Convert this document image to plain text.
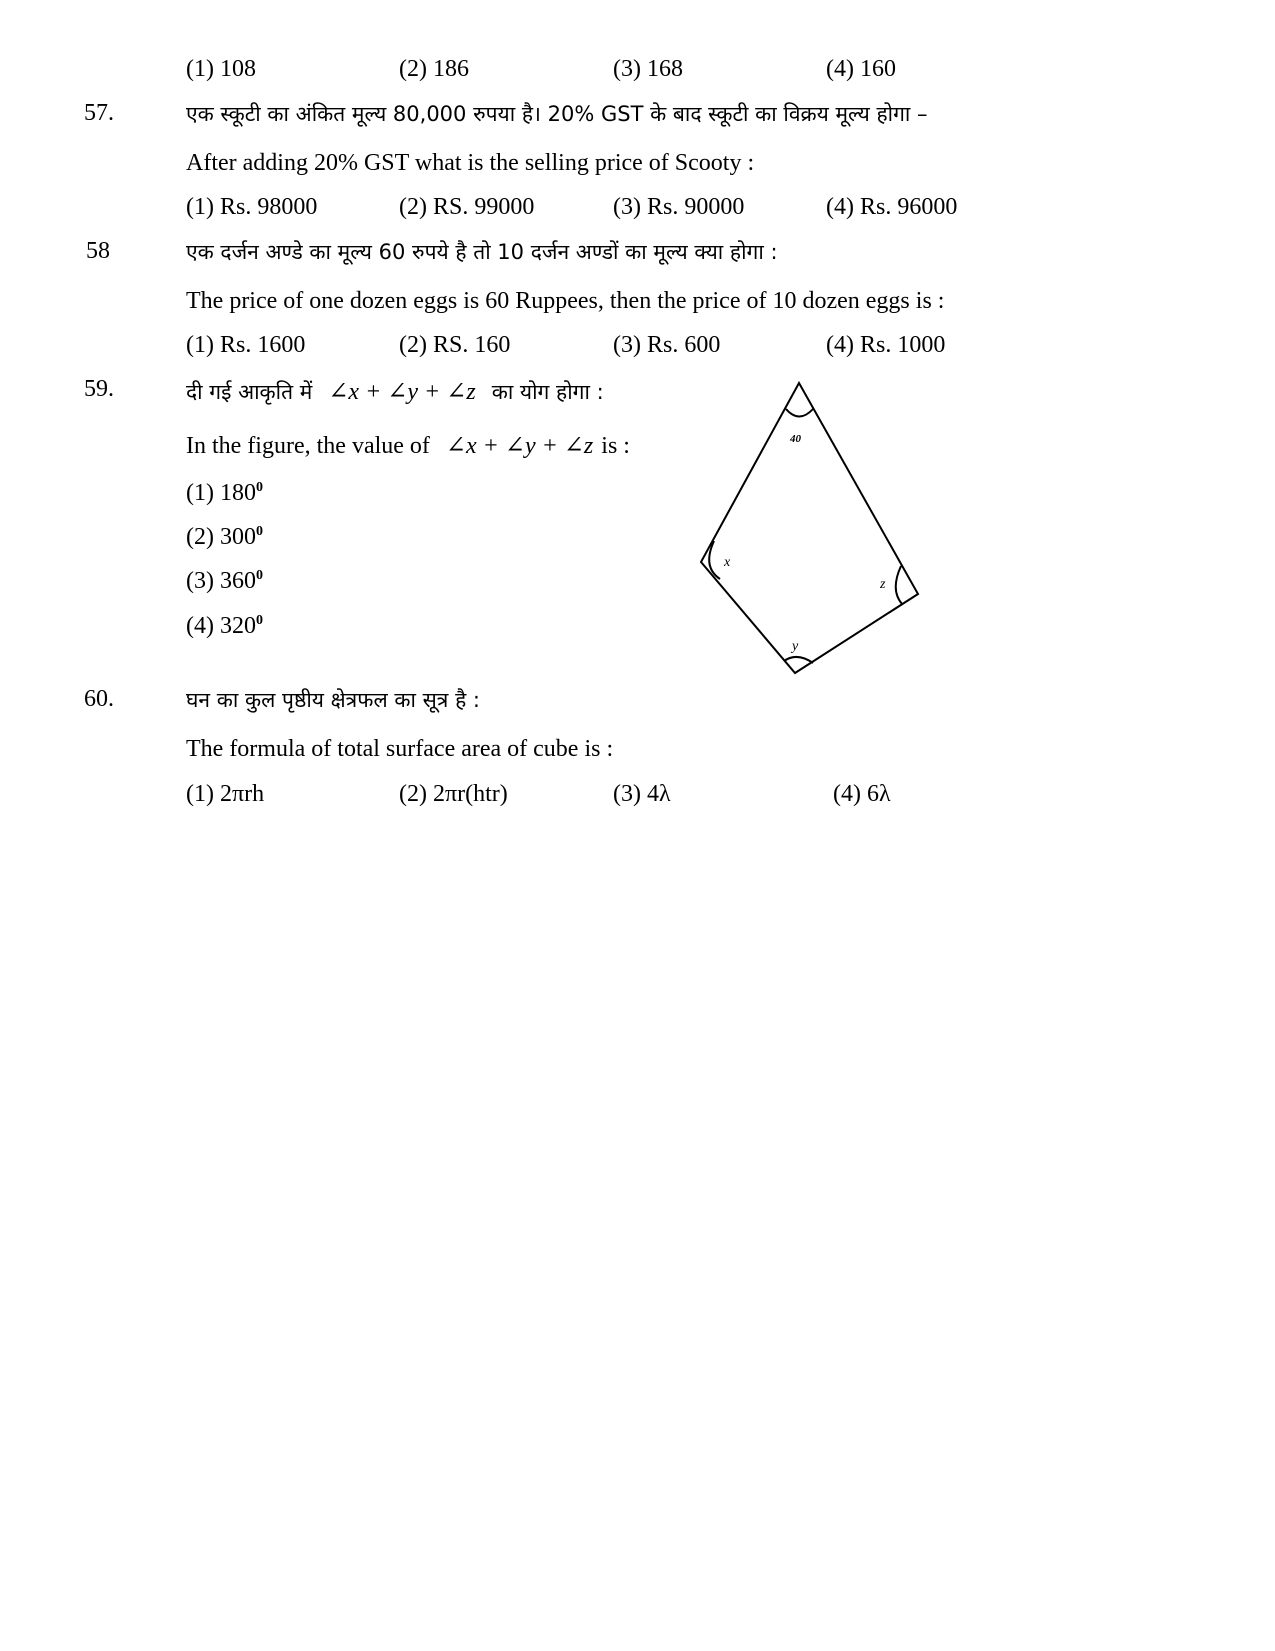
(1) 108	(2) 186	(3) 168	(4) 160
57.	एक स्कूटी का अंकित मूल्य 80,000 रुपया है। 20% GST के बाद स्कूटी का विक्रय मूल्य होगा –
After adding 20% GST what is the selling price of Scooty :
(1) Rs. 98000	(2) RS. 99000	(3) Rs. 90000	(4) Rs. 96000
58	एक दर्जन अण्डे का मूल्य 60 रुपये है तो 10 दर्जन अण्डों का मूल्य क्या होगा :
The price of one dozen eggs is 60 Ruppees, then the price of 10 dozen eggs is :
(1) Rs. 1600	(2) RS. 160	(3) Rs. 600	(4) Rs. 1000
59.	दी गई आकृति में ∠x + ∠y + ∠z का योग होगा :
In the figure, the value of ∠x + ∠y + ∠z is :
(1) $180^0$
(2) $300^0$
(3) $360^0$
(4) $320^0$
40
x
z
y
60.	घन का कुल पृष्ठीय क्षेत्रफल का सूत्र है :
The formula of total surface area of cube is :
(1) 2πrh	(2) 2πr(htr)	(3) 4λ	(4) 6λ
